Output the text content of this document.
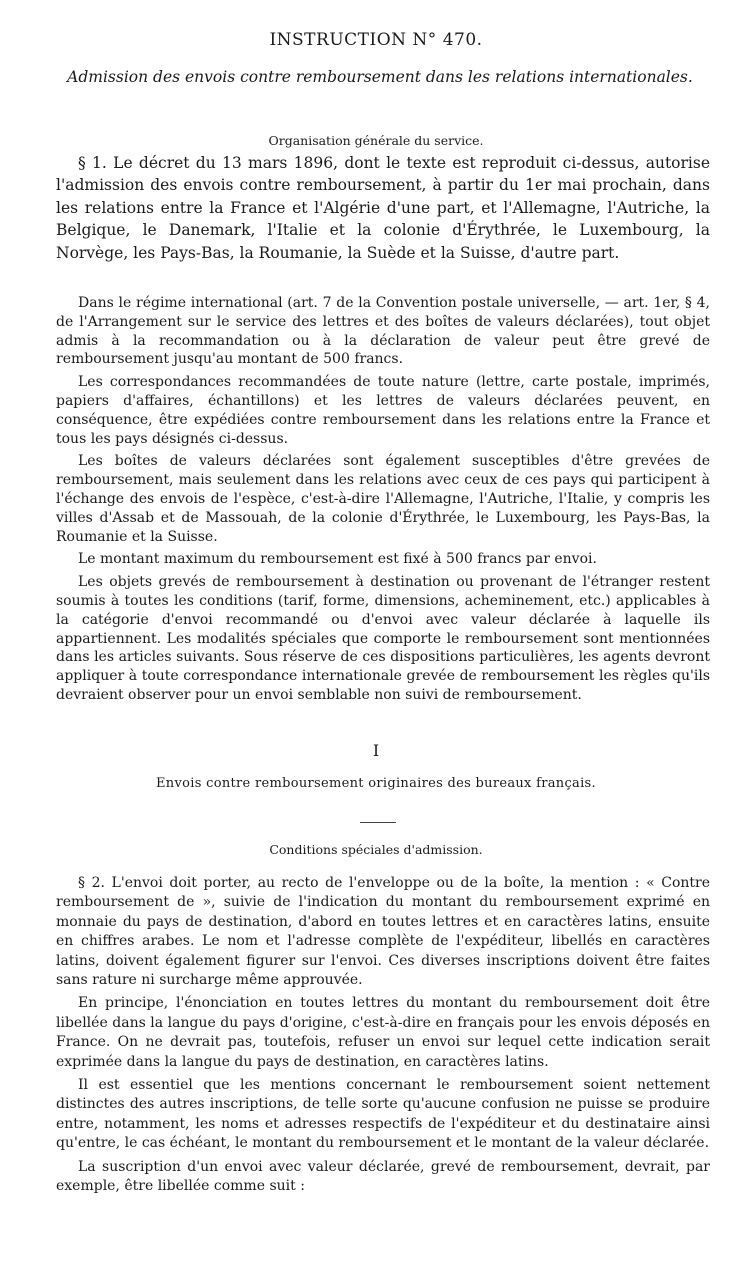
INSTRUCTION N° 470.
Admission des envois contre remboursement dans les relations internationales.
Organisation générale du service.

§ 1. Le décret du 13 mars 1896, dont le texte est reproduit ci-dessus, autorise l'admission des envois contre remboursement, à partir du 1er mai prochain, dans les relations entre la France et l'Algérie d'une part, et l'Allemagne, l'Autriche, la Belgique, le Danemark, l'Italie et la colonie d'Érythrée, le Luxembourg, la Norvège, les Pays-Bas, la Roumanie, la Suède et la Suisse, d'autre part.

Dans le régime international (art. 7 de la Convention postale universelle, — art. 1er, § 4, de l'Arrangement sur le service des lettres et des boîtes de valeurs déclarées), tout objet admis à la recommandation ou à la déclaration de valeur peut être grevé de remboursement jusqu'au montant de 500 francs.

Les correspondances recommandées de toute nature (lettre, carte postale, imprimés, papiers d'affaires, échantillons) et les lettres de valeurs déclarées peuvent, en conséquence, être expédiées contre remboursement dans les relations entre la France et tous les pays désignés ci-dessus.

Les boîtes de valeurs déclarées sont également susceptibles d'être grevées de remboursement, mais seulement dans les relations avec ceux de ces pays qui participent à l'échange des envois de l'espèce, c'est-à-dire l'Allemagne, l'Autriche, l'Italie, y compris les villes d'Assab et de Massouah, de la colonie d'Érythrée, le Luxembourg, les Pays-Bas, la Roumanie et la Suisse.

Le montant maximum du remboursement est fixé à 500 francs par envoi.

Les objets grevés de remboursement à destination ou provenant de l'étranger restent soumis à toutes les conditions (tarif, forme, dimensions, acheminement, etc.) applicables à la catégorie d'envoi recommandé ou d'envoi avec valeur déclarée à laquelle ils appartiennent. Les modalités spéciales que comporte le remboursement sont mentionnées dans les articles suivants. Sous réserve de ces dispositions particulières, les agents devront appliquer à toute correspondance internationale grevée de remboursement les règles qu'ils devraient observer pour un envoi semblable non suivi de remboursement.

I
Envois contre remboursement originaires des bureaux français.
Conditions spéciales d'admission.

§ 2. L'envoi doit porter, au recto de l'enveloppe ou de la boîte, la mention : « Contre remboursement de », suivie de l'indication du montant du remboursement exprimé en monnaie du pays de destination, d'abord en toutes lettres et en caractères latins, ensuite en chiffres arabes. Le nom et l'adresse complète de l'expéditeur, libellés en caractères latins, doivent également figurer sur l'envoi. Ces diverses inscriptions doivent être faites sans rature ni surcharge même approuvée.

En principe, l'énonciation en toutes lettres du montant du remboursement doit être libellée dans la langue du pays d'origine, c'est-à-dire en français pour les envois déposés en France. On ne devrait pas, toutefois, refuser un envoi sur lequel cette indication serait exprimée dans la langue du pays de destination, en caractères latins.

Il est essentiel que les mentions concernant le remboursement soient nettement distinctes des autres inscriptions, de telle sorte qu'aucune confusion ne puisse se produire entre, notamment, les noms et adresses respectifs de l'expéditeur et du destinataire ainsi qu'entre, le cas échéant, le montant du remboursement et le montant de la valeur déclarée.

La suscription d'un envoi avec valeur déclarée, grevé de remboursement, devrait, par exemple, être libellée comme suit :
